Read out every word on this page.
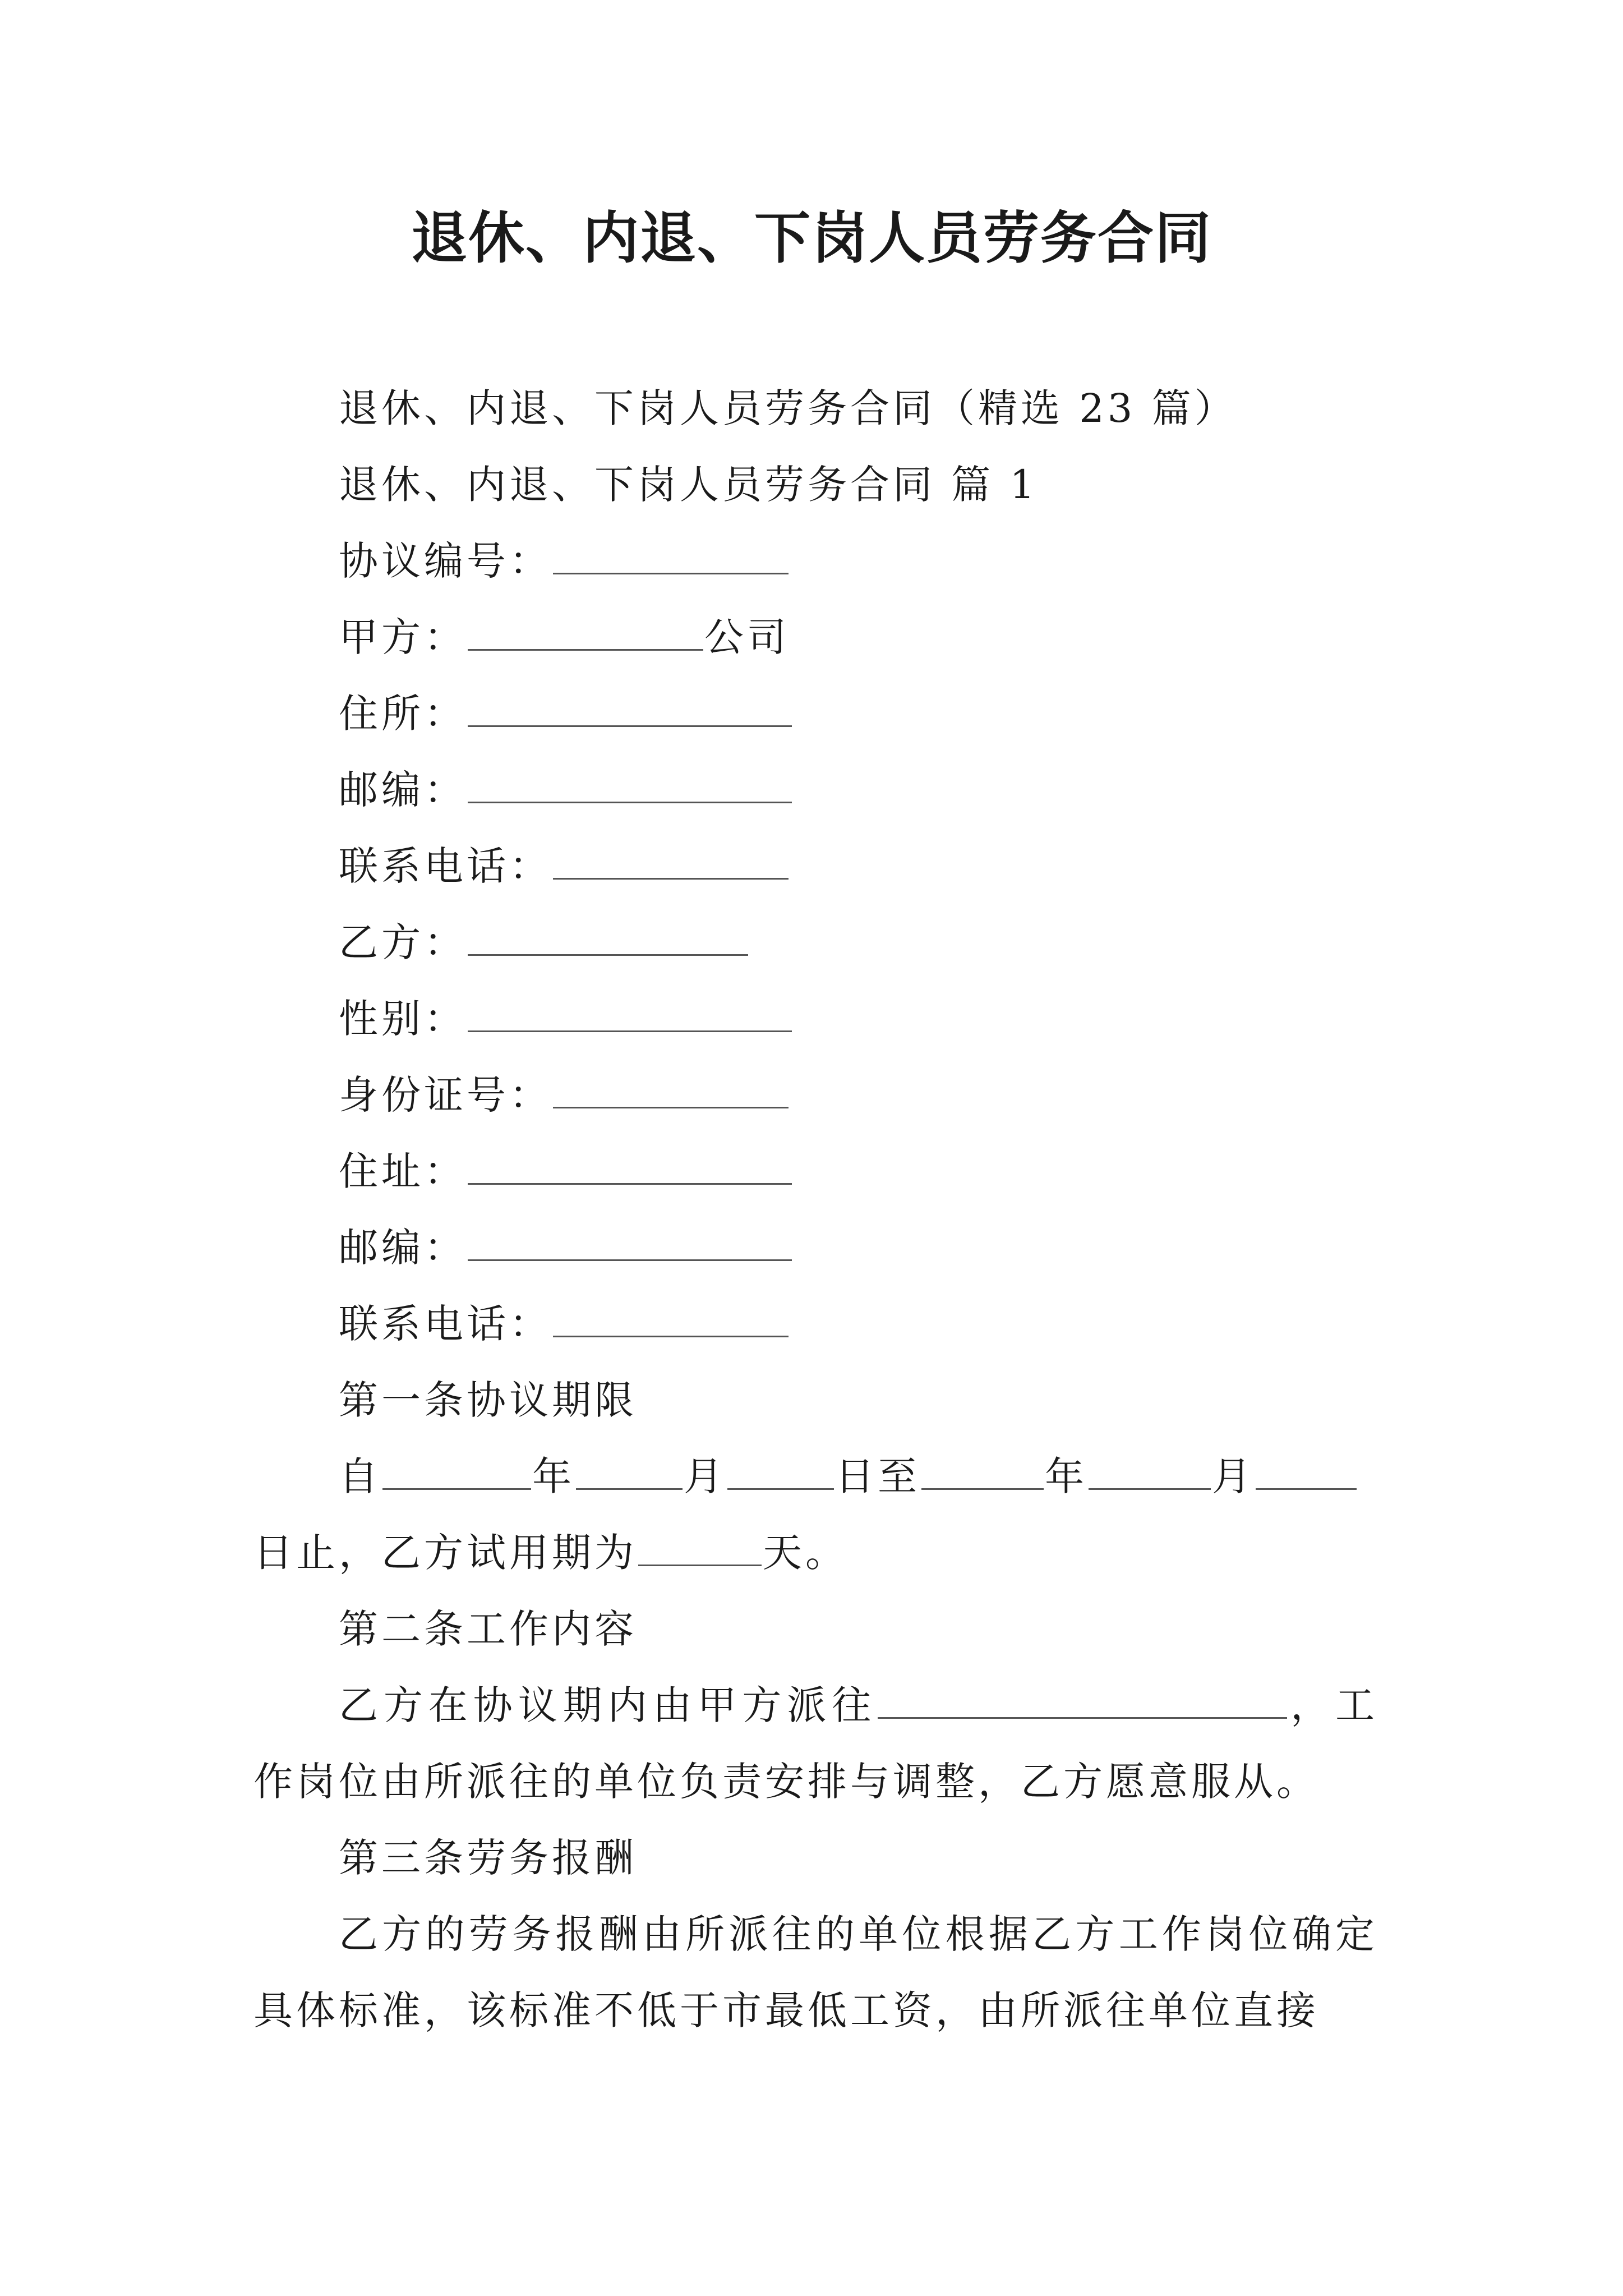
退休、内退、下岗人员劳务合同
退休、内退、下岗人员劳务合同（精选 23 篇）
退休、内退、下岗人员劳务合同 篇 1
协议编号：
甲方：	公司
住所：
邮编：
联系电话：
乙方：
性别：
身份证号：
住址：
邮编：
联系电话：
第一条协议期限
自	年	月	日至	年	月
日止，乙方试用期为	天。
第二条工作内容
乙方在协议期内由甲方派往	，工作岗位由所派往的单位负责安排与调整，乙方愿意服从。
第三条劳务报酬
乙方的劳务报酬由所派往的单位根据乙方工作岗位确定具体标准，该标准不低于市最低工资，由所派往单位直接
